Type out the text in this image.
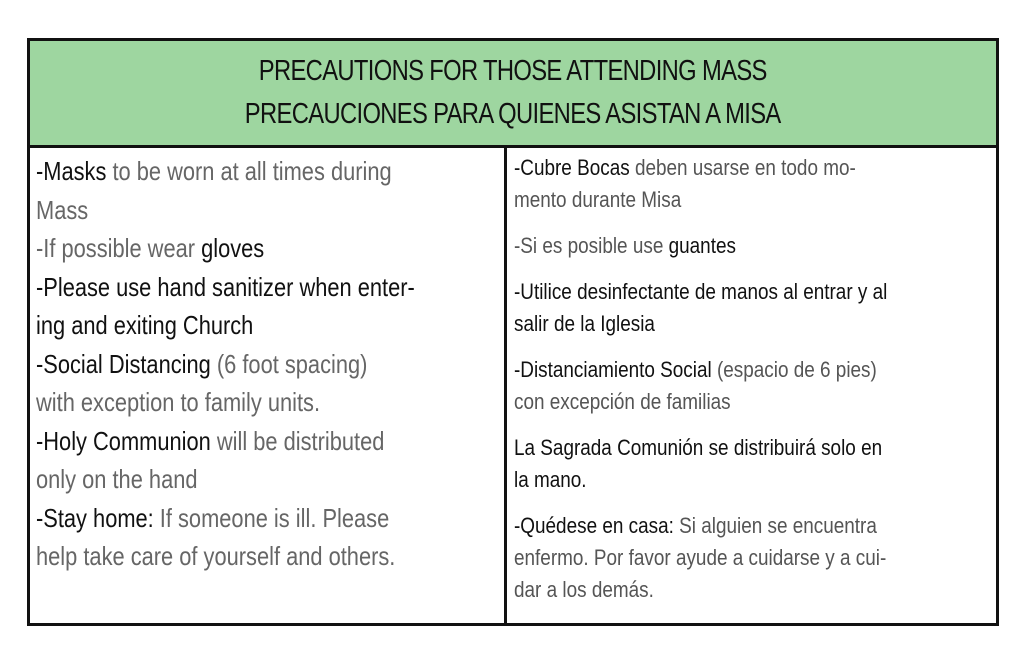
PRECAUTIONS FOR THOSE ATTENDING MASS
PRECAUCIONES PARA QUIENES ASISTAN A MISA
-Masks to be worn at all times during
Mass
-If possible wear gloves
-Please use hand sanitizer when enter-
ing and exiting Church
-Social Distancing (6 foot spacing)
with exception to family units.
-Holy Communion will be distributed
only on the hand
-Stay home: If someone is ill. Please
help take care of yourself and others.
-Cubre Bocas deben usarse en todo mo-
mento durante Misa
-Si es posible use guantes
-Utilice desinfectante de manos al entrar y al
salir de la Iglesia
-Distanciamiento Social (espacio de 6 pies)
con excepción de familias
La Sagrada Comunión se distribuirá solo en
la mano.
-Quédese en casa: Si alguien se encuentra
enfermo. Por favor ayude a cuidarse y a cui-
dar a los demás.
